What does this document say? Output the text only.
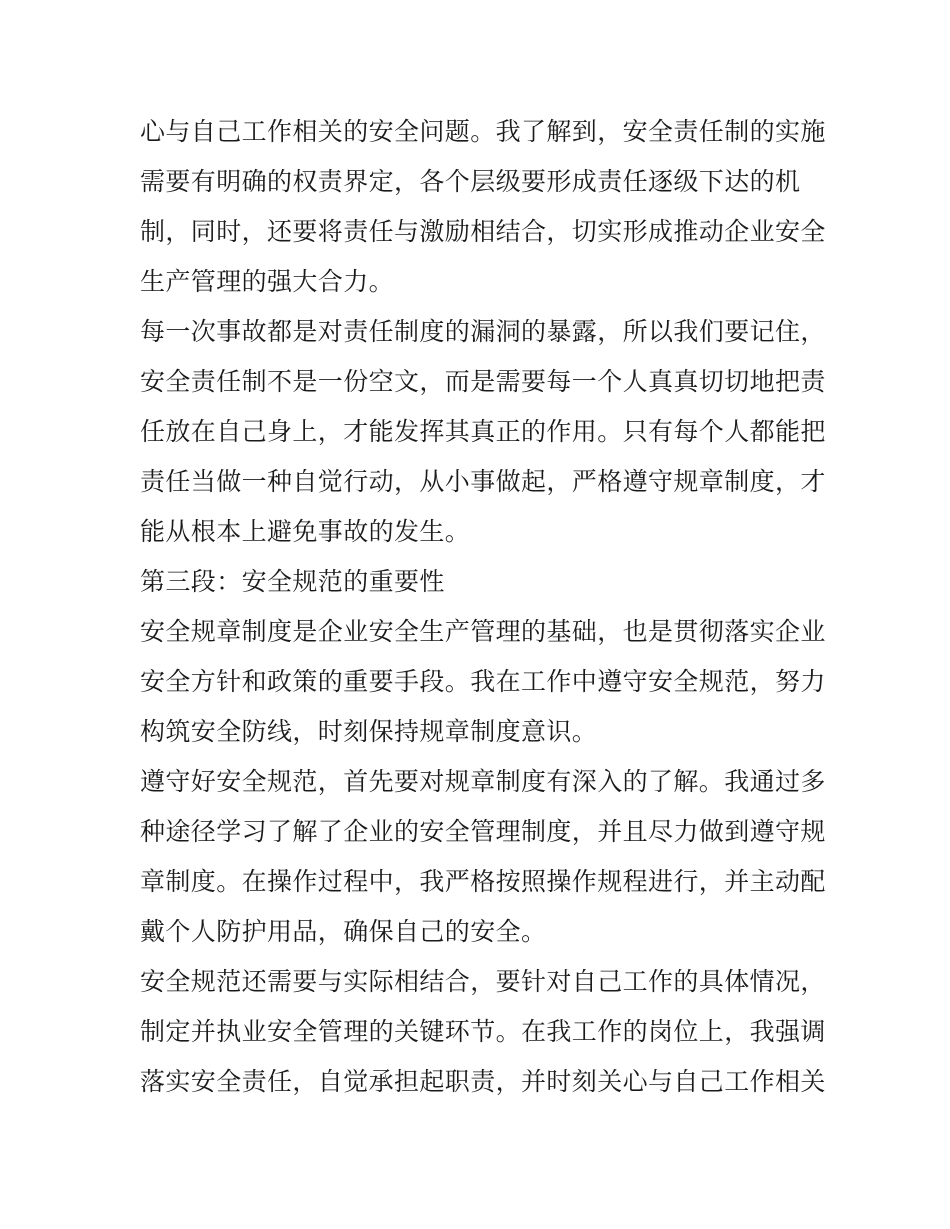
心与自己工作相关的安全问题。我了解到，安全责任制的实施
需要有明确的权责界定，各个层级要形成责任逐级下达的机
制，同时，还要将责任与激励相结合，切实形成推动企业安全
生产管理的强大合力。
每一次事故都是对责任制度的漏洞的暴露，所以我们要记住，
安全责任制不是一份空文，而是需要每一个人真真切切地把责
任放在自己身上，才能发挥其真正的作用。只有每个人都能把
责任当做一种自觉行动，从小事做起，严格遵守规章制度，才
能从根本上避免事故的发生。
第三段：安全规范的重要性
安全规章制度是企业安全生产管理的基础，也是贯彻落实企业
安全方针和政策的重要手段。我在工作中遵守安全规范，努力
构筑安全防线，时刻保持规章制度意识。
遵守好安全规范，首先要对规章制度有深入的了解。我通过多
种途径学习了解了企业的安全管理制度，并且尽力做到遵守规
章制度。在操作过程中，我严格按照操作规程进行，并主动配
戴个人防护用品，确保自己的安全。
安全规范还需要与实际相结合，要针对自己工作的具体情况，
制定并执业安全管理的关键环节。在我工作的岗位上，我强调
落实安全责任，自觉承担起职责，并时刻关心与自己工作相关
